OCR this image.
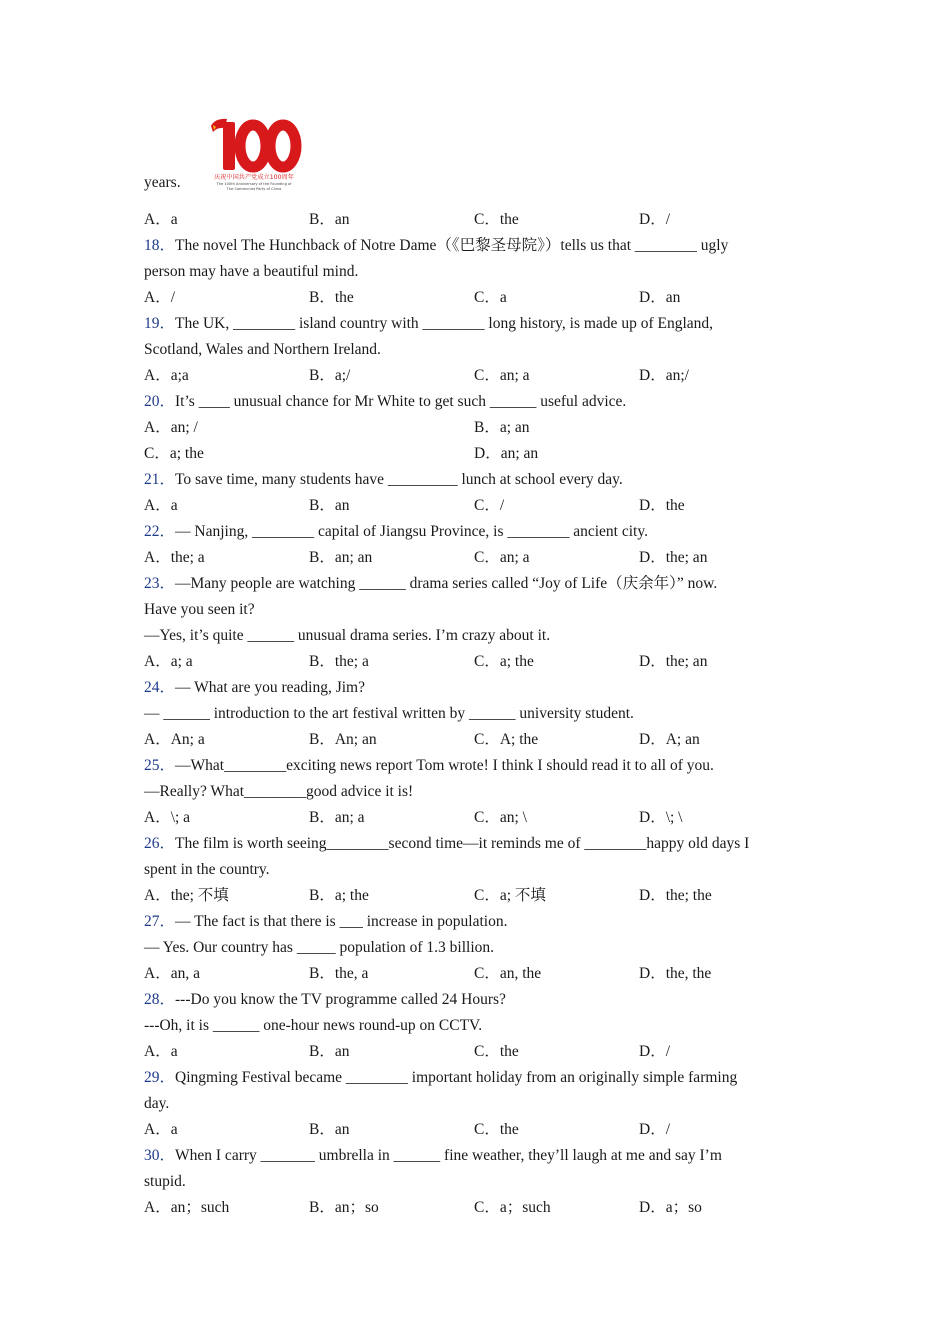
years.	庆祝中国共产党成立100周年
The 100th Anniversary of the Founding of
The Communist Party of China
A．a	B．an	C．the	D．/
18．The novel The Hunchback of Notre Dame（《巴黎圣母院》）tells us that ________ ugly
person may have a beautiful mind.
A．/	B．the	C．a	D．an
19．The UK, ________ island country with ________ long history, is made up of England,
Scotland, Wales and Northern Ireland.
A．a;a	B．a;/	C．an; a	D．an;/
20．It’s ____ unusual chance for Mr White to get such ______ useful advice.
A．an; /	B．a; an
C．a; the	D．an; an
21．To save time, many students have _________ lunch at school every day.
A．a	B．an	C．/	D．the
22．— Nanjing, ________ capital of Jiangsu Province, is ________ ancient city.
A．the; a	B．an; an	C．an; a	D．the; an
23．—Many people are watching ______ drama series called “Joy of Life（庆余年）” now.
Have you seen it?
—Yes, it’s quite ______ unusual drama series. I’m crazy about it.
A．a; a	B．the; a	C．a; the	D．the; an
24．— What are you reading, Jim?
— ______ introduction to the art festival written by ______ university student.
A．An; a	B．An; an	C．A; the	D．A; an
25．—What________exciting news report Tom wrote! I think I should read it to all of you.
—Really? What________good advice it is!
A．\; a	B．an; a	C．an; \	D．\; \
26．The film is worth seeing________second time—it reminds me of ________happy old days I
spent in the country.
A．the; 不填	B．a; the	C．a; 不填	D．the; the
27．— The fact is that there is ___ increase in population.
— Yes. Our country has _____ population of 1.3 billion.
A．an, a	B．the, a	C．an, the	D．the, the
28．---Do you know the TV programme called 24 Hours?
---Oh, it is ______ one-hour news round-up on CCTV.
A．a	B．an	C．the	D．/
29．Qingming Festival became ________ important holiday from an originally simple farming
day.
A．a	B．an	C．the	D．/
30．When I carry _______ umbrella in ______ fine weather, they’ll laugh at me and say I’m
stupid.
A．an；such	B．an；so	C．a；such	D．a；so
